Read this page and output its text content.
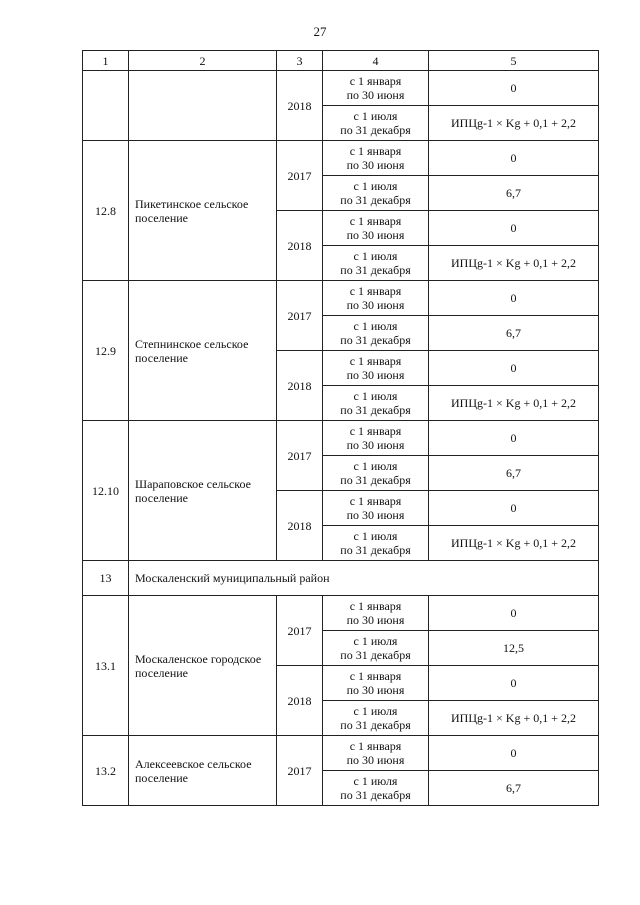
27
1	2	3	4	5
		2018	с 1 января
по 30 июня	0

			с 1 июля
по 31 декабря	ИПЦg-1 × Kg + 0,1 + 2,2
12.8	Пикетинское сельское поселение	2017	с 1 января
по 30 июня	0

			с 1 июля
по 31 декабря	6,7
		2018	с 1 января
по 30 июня	0

			с 1 июля
по 31 декабря	ИПЦg-1 × Kg + 0,1 + 2,2
12.9	Степнинское сельское поселение	2017	с 1 января
по 30 июня	0

			с 1 июля
по 31 декабря	6,7
		2018	с 1 января
по 30 июня	0

			с 1 июля
по 31 декабря	ИПЦg-1 × Kg + 0,1 + 2,2
12.10	Шараповское сельское поселение	2017	с 1 января
по 30 июня	0

			с 1 июля
по 31 декабря	6,7
		2018	с 1 января
по 30 июня	0

			с 1 июля
по 31 декабря	ИПЦg-1 × Kg + 0,1 + 2,2
13	Москаленский муниципальный район			
13.1	Москаленское городское поселение	2017	с 1 января
по 30 июня	0

			с 1 июля
по 31 декабря	12,5
		2018	с 1 января
по 30 июня	0

			с 1 июля
по 31 декабря	ИПЦg-1 × Kg + 0,1 + 2,2
13.2	Алексеевское сельское поселение	2017	с 1 января
по 30 июня	0

			с 1 июля
по 31 декабря	6,7
